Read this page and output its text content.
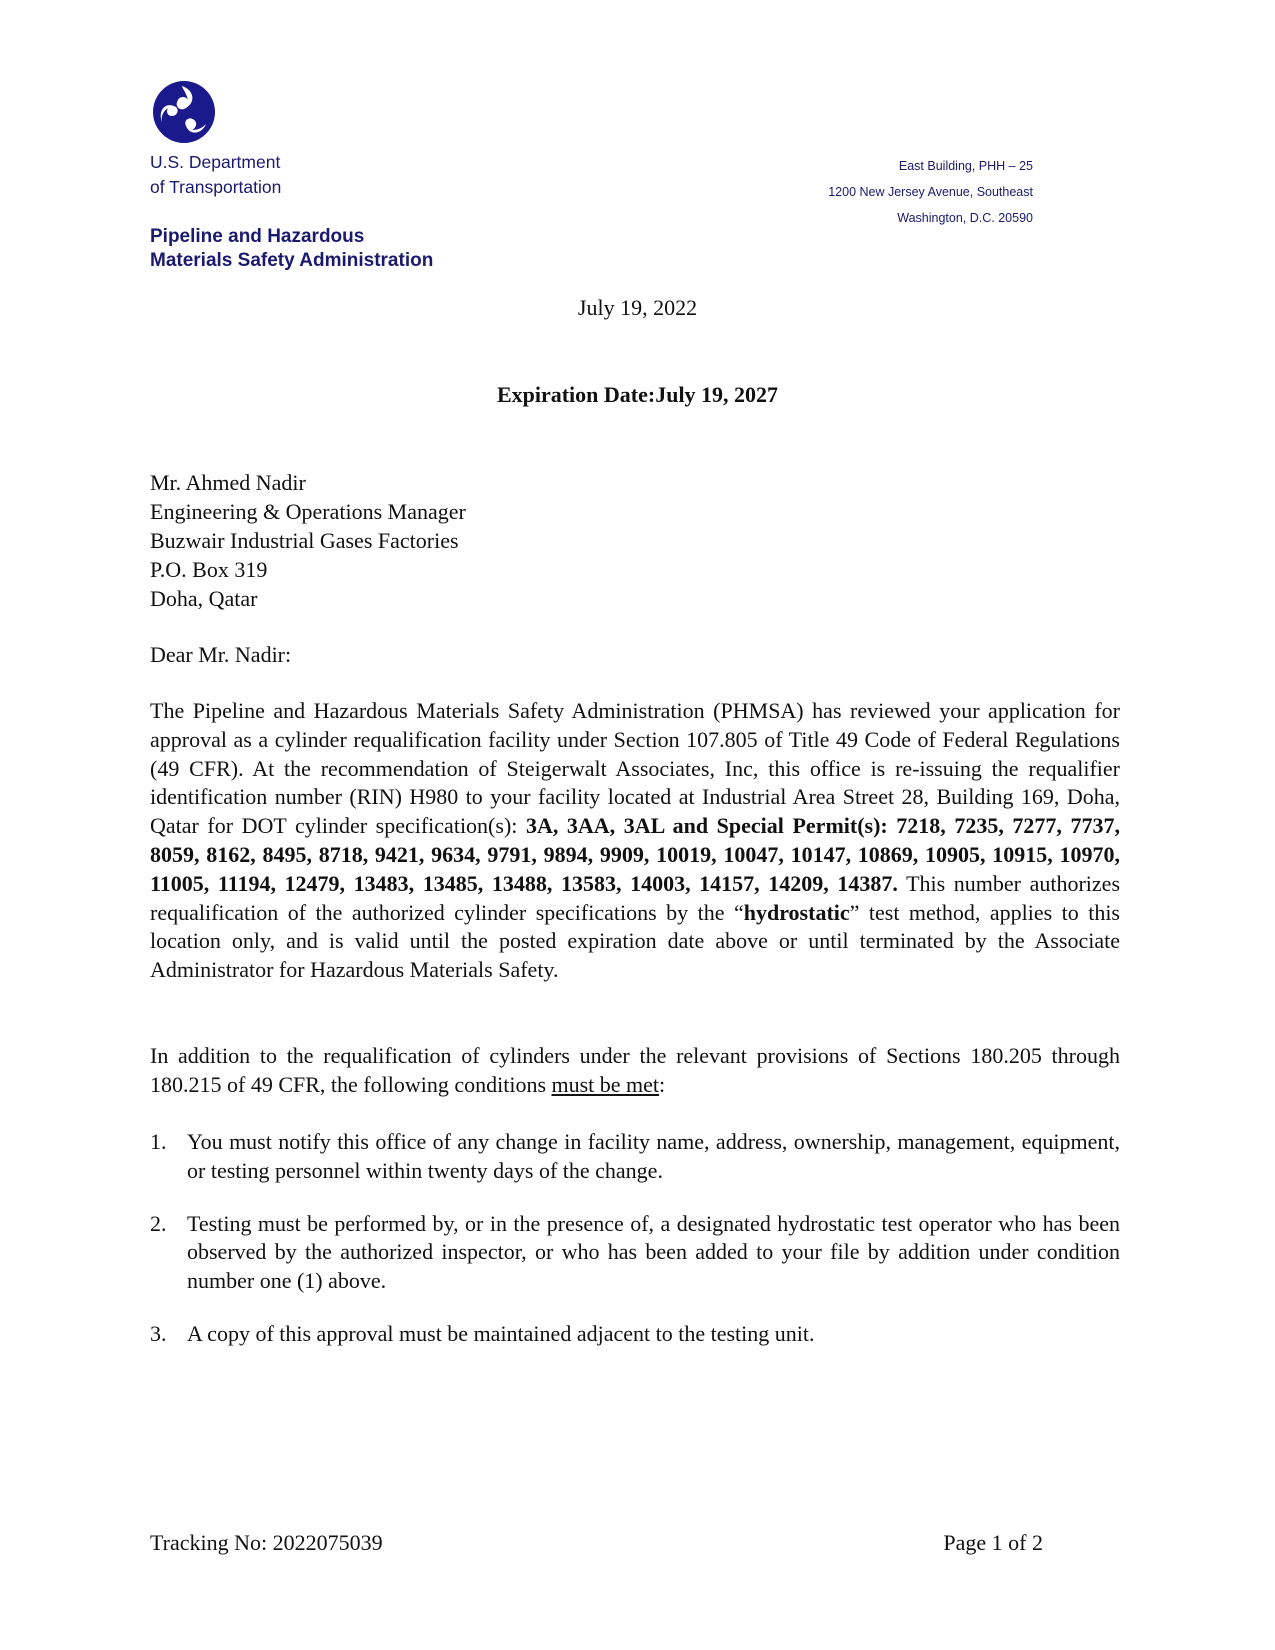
U.S. Department
of Transportation
Pipeline and Hazardous
Materials Safety Administration
East Building, PHH – 25
1200 New Jersey Avenue, Southeast
Washington, D.C. 20590
July 19, 2022
Expiration Date:July 19, 2027
Mr. Ahmed Nadir
Engineering & Operations Manager
Buzwair Industrial Gases Factories
P.O. Box 319
Doha, Qatar
Dear Mr. Nadir:
The Pipeline and Hazardous Materials Safety Administration (PHMSA) has reviewed your application for approval as a cylinder requalification facility under Section 107.805 of Title 49 Code of Federal Regulations (49 CFR). At the recommendation of Steigerwalt Associates, Inc, this office is re-issuing the requalifier identification number (RIN) H980 to your facility located at Industrial Area Street 28, Building 169, Doha, Qatar for DOT cylinder specification(s): 3A, 3AA, 3AL and Special Permit(s): 7218, 7235, 7277, 7737, 8059, 8162, 8495, 8718, 9421, 9634, 9791, 9894, 9909, 10019, 10047, 10147, 10869, 10905, 10915, 10970, 11005, 11194, 12479, 13483, 13485, 13488, 13583, 14003, 14157, 14209, 14387. This number authorizes requalification of the authorized cylinder specifications by the “hydrostatic” test method, applies to this location only, and is valid until the posted expiration date above or until terminated by the Associate Administrator for Hazardous Materials Safety.
In addition to the requalification of cylinders under the relevant provisions of Sections 180.205 through 180.215 of 49 CFR, the following conditions must be met:
1. You must notify this office of any change in facility name, address, ownership, management, equipment, or testing personnel within twenty days of the change.
2. Testing must be performed by, or in the presence of, a designated hydrostatic test operator who has been observed by the authorized inspector, or who has been added to your file by addition under condition number one (1) above.
3. A copy of this approval must be maintained adjacent to the testing unit.
Tracking No: 2022075039	Page 1 of 2
